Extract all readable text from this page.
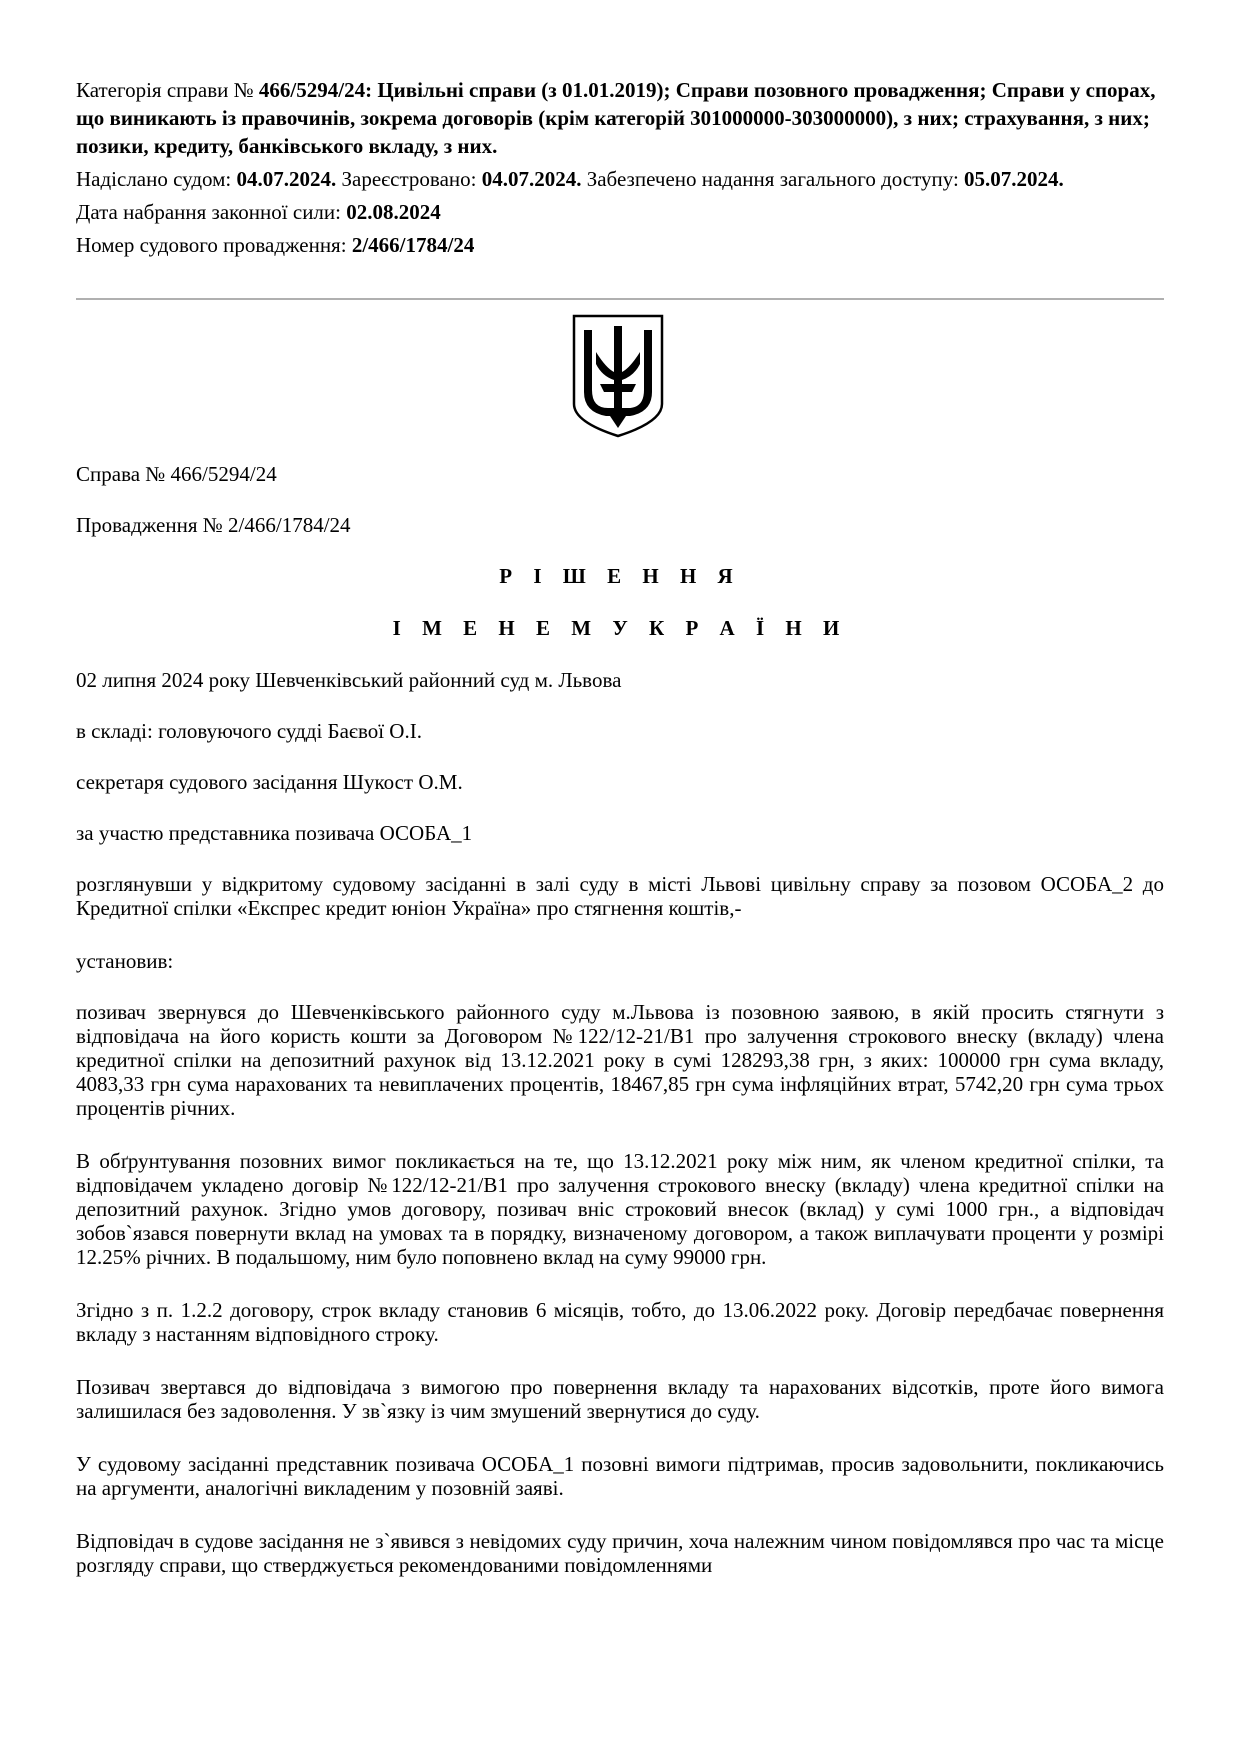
Категорія справи № 466/5294/24: Цивільні справи (з 01.01.2019); Справи позовного провадження; Справи у спорах, що виникають із правочинів, зокрема договорів (крім категорій 301000000-303000000), з них; страхування, з них; позики, кредиту, банківського вкладу, з них.

Надіслано судом: 04.07.2024. Зареєстровано: 04.07.2024. Забезпечено надання загального доступу: 05.07.2024.

Дата набрання законної сили: 02.08.2024

Номер судового провадження: 2/466/1784/24

Справа № 466/5294/24

Провадження № 2/466/1784/24

Р І Ш Е Н Н Я

І М Е Н Е М У К Р А Ї Н И

02 липня 2024 року Шевченківський районний суд м. Львова

в складі: головуючого судді Баєвої О.І.

секретаря судового засідання Шукост О.М.

за участю представника позивача ОСОБА_1

розглянувши у відкритому судовому засіданні в залі суду в місті Львові цивільну справу за позовом ОСОБА_2 до Кредитної спілки «Експрес кредит юніон Україна» про стягнення коштів,-

установив:

позивач звернувся до Шевченківського районного суду м.Львова із позовною заявою, в якій просить стягнути з відповідача на його користь кошти за Договором №122/12-21/В1 про залучення строкового внеску (вкладу) члена кредитної спілки на депозитний рахунок від 13.12.2021 року в сумі 128293,38 грн, з яких: 100000 грн сума вкладу, 4083,33 грн сума нарахованих та невиплачених процентів, 18467,85 грн сума інфляційних втрат, 5742,20 грн сума трьох процентів річних.

В обґрунтування позовних вимог покликається на те, що 13.12.2021 року між ним, як членом кредитної спілки, та відповідачем укладено договір №122/12-21/В1 про залучення строкового внеску (вкладу) члена кредитної спілки на депозитний рахунок. Згідно умов договору, позивач вніс строковий внесок (вклад) у сумі 1000 грн., а відповідач зобов`язався повернути вклад на умовах та в порядку, визначеному договором, а також виплачувати проценти у розмірі 12.25% річних. В подальшому, ним було поповнено вклад на суму 99000 грн.

Згідно з п. 1.2.2 договору, строк вкладу становив 6 місяців, тобто, до 13.06.2022 року. Договір передбачає повернення вкладу з настанням відповідного строку.

Позивач звертався до відповідача з вимогою про повернення вкладу та нарахованих відсотків, проте його вимога залишилася без задоволення. У зв`язку із чим змушений звернутися до суду.

У судовому засіданні представник позивача ОСОБА_1 позовні вимоги підтримав, просив задовольнити, покликаючись на аргументи, аналогічні викладеним у позовній заяві.

Відповідач в судове засідання не з`явився з невідомих суду причин, хоча належним чином повідомлявся про час та місце розгляду справи, що стверджується рекомендованими повідомленнями
